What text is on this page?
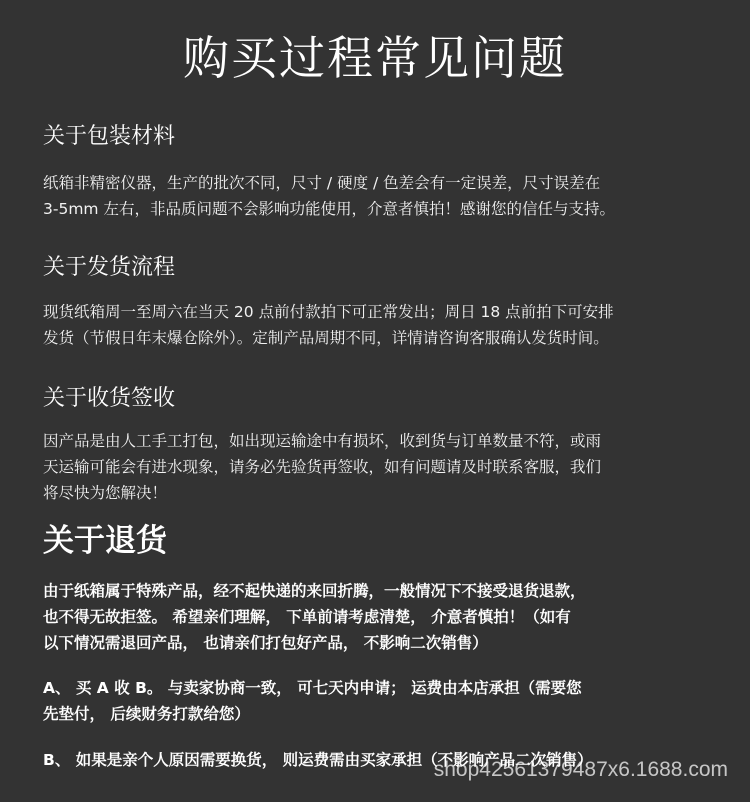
购买过程常见问题
关于包装材料
纸箱非精密仪器，生产的批次不同，尺寸 / 硬度 / 色差会有一定误差，尺寸误差在
3-5mm 左右，非品质问题不会影响功能使用，介意者慎拍！感谢您的信任与支持。
关于发货流程
现货纸箱周一至周六在当天 20 点前付款拍下可正常发出；周日 18 点前拍下可安排
发货（节假日年末爆仓除外）。定制产品周期不同，详情请咨询客服确认发货时间。
关于收货签收
因产品是由人工手工打包，如出现运输途中有损坏，收到货与订单数量不符，或雨
天运输可能会有进水现象，请务必先验货再签收，如有问题请及时联系客服，我们
将尽快为您解决！
关于退货
由于纸箱属于特殊产品，经不起快递的来回折腾，一般情况下不接受退货退款，
也不得无故拒签。 希望亲们理解， 下单前请考虑清楚， 介意者慎拍！（如有
以下情况需退回产品， 也请亲们打包好产品， 不影响二次销售）
A、 买 A 收 B。 与卖家协商一致， 可七天内申请； 运费由本店承担（需要您
先垫付， 后续财务打款给您）
B、 如果是亲个人原因需要换货， 则运费需由买家承担（不影响产品二次销售）
shop4256137948​7x6.1688.com
